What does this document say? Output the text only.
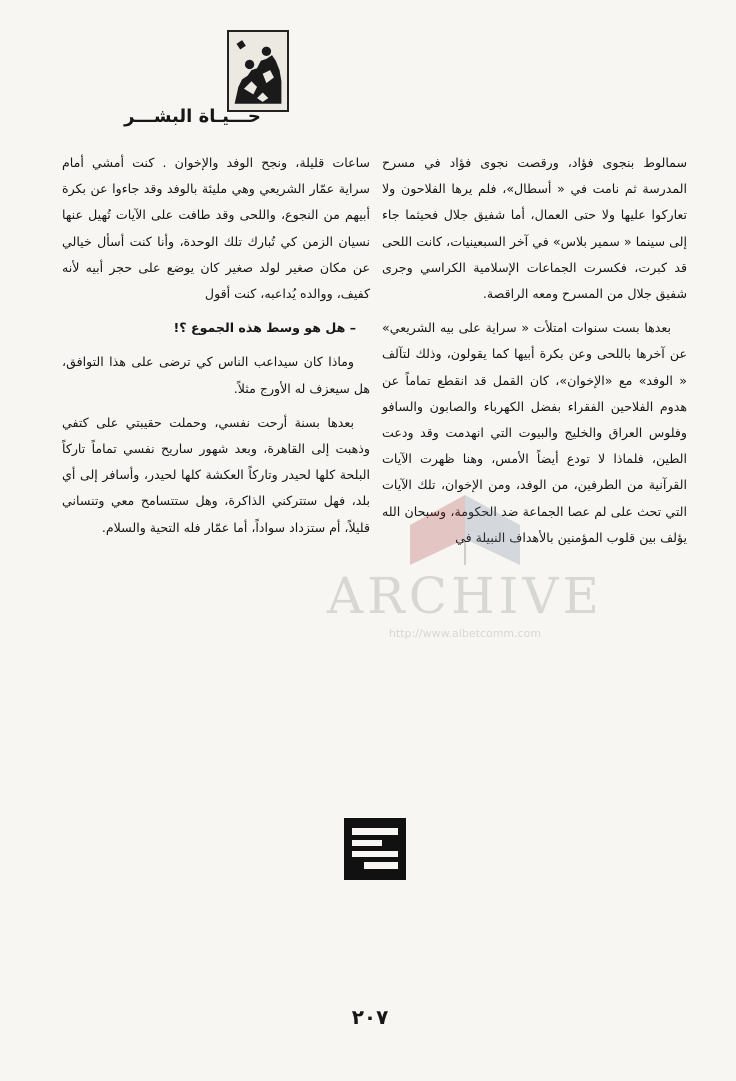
حـــيـاة البشـــر

سمالوط بنجوى فؤاد، ورقصت نجوى فؤاد في مسرح المدرسة ثم نامت في « أسطال»، فلم يرها الفلاحون ولا تعاركوا عليها ولا حتى العمال، أما شفيق جلال فحيثما جاء إلى سينما « سمير بلاس» في آخر السبعينيات، كانت اللحى قد كبرت، فكسرت الجماعات الإسلامية الكراسي وجرى شفيق جلال من المسرح ومعه الراقصة.

بعدها بست سنوات امتلأت « سراية على بيه الشريعي» عن آخرها باللحى وعن بكرة أبيها كما يقولون، وذلك لتآلف « الوفد» مع «الإخوان»، كان القمل قد انقطع تماماً عن هدوم الفلاحين الفقراء بفضل الكهرباء والصابون والسافو وفلوس العراق والخليج والبيوت التي انهدمت وقد ودعت الطين، فلماذا لا تودع أيضاً الأمس، وهنا ظهرت الآيات القرآنية من الطرفين، من الوفد، ومن الإخوان، تلك الآيات التي تحث على لم عصا الجماعة ضد الحكومة، وسبحان الله يؤلف بين قلوب المؤمنين بالأهداف النبيلة في

ساعات قليلة، ونجح الوفد والإخوان . كنت أمشي أمام سراية عمّار الشريعي وهي مليئة بالوفد وقد جاءوا عن بكرة أبيهم من النجوع، واللحى وقد طافت على الآيات تُهيل عنها نسيان الزمن كي تُبارك تلك الوحدة، وأنا كنت أسأل خيالي عن مكان صغير لولد صغير كان يوضع على حجر أبيه لأنه كفيف، ووالده يُداعبه، كنت أقول

– هل هو وسط هذه الجموع ؟!

وماذا كان سيداعب الناس كي ترضى على هذا التوافق، هل سيعزف له الأورج مثلاً.

بعدها بسنة أرحت نفسي، وحملت حقيبتي على كتفي وذهبت إلى القاهرة، وبعد شهور ساريح نفسي تماماً تاركاً البلحة كلها لحيدر وتاركاً العكشة كلها لحيدر، وأسافر إلى أي بلد، فهل ستتركني الذاكرة، وهل ستتسامح معي وتنساني قليلاً، أم ستزداد سواداً، أما عمّار فله التحية والسلام.

ARCHIVE
http://www.albetcomm.com
٢٠٧
